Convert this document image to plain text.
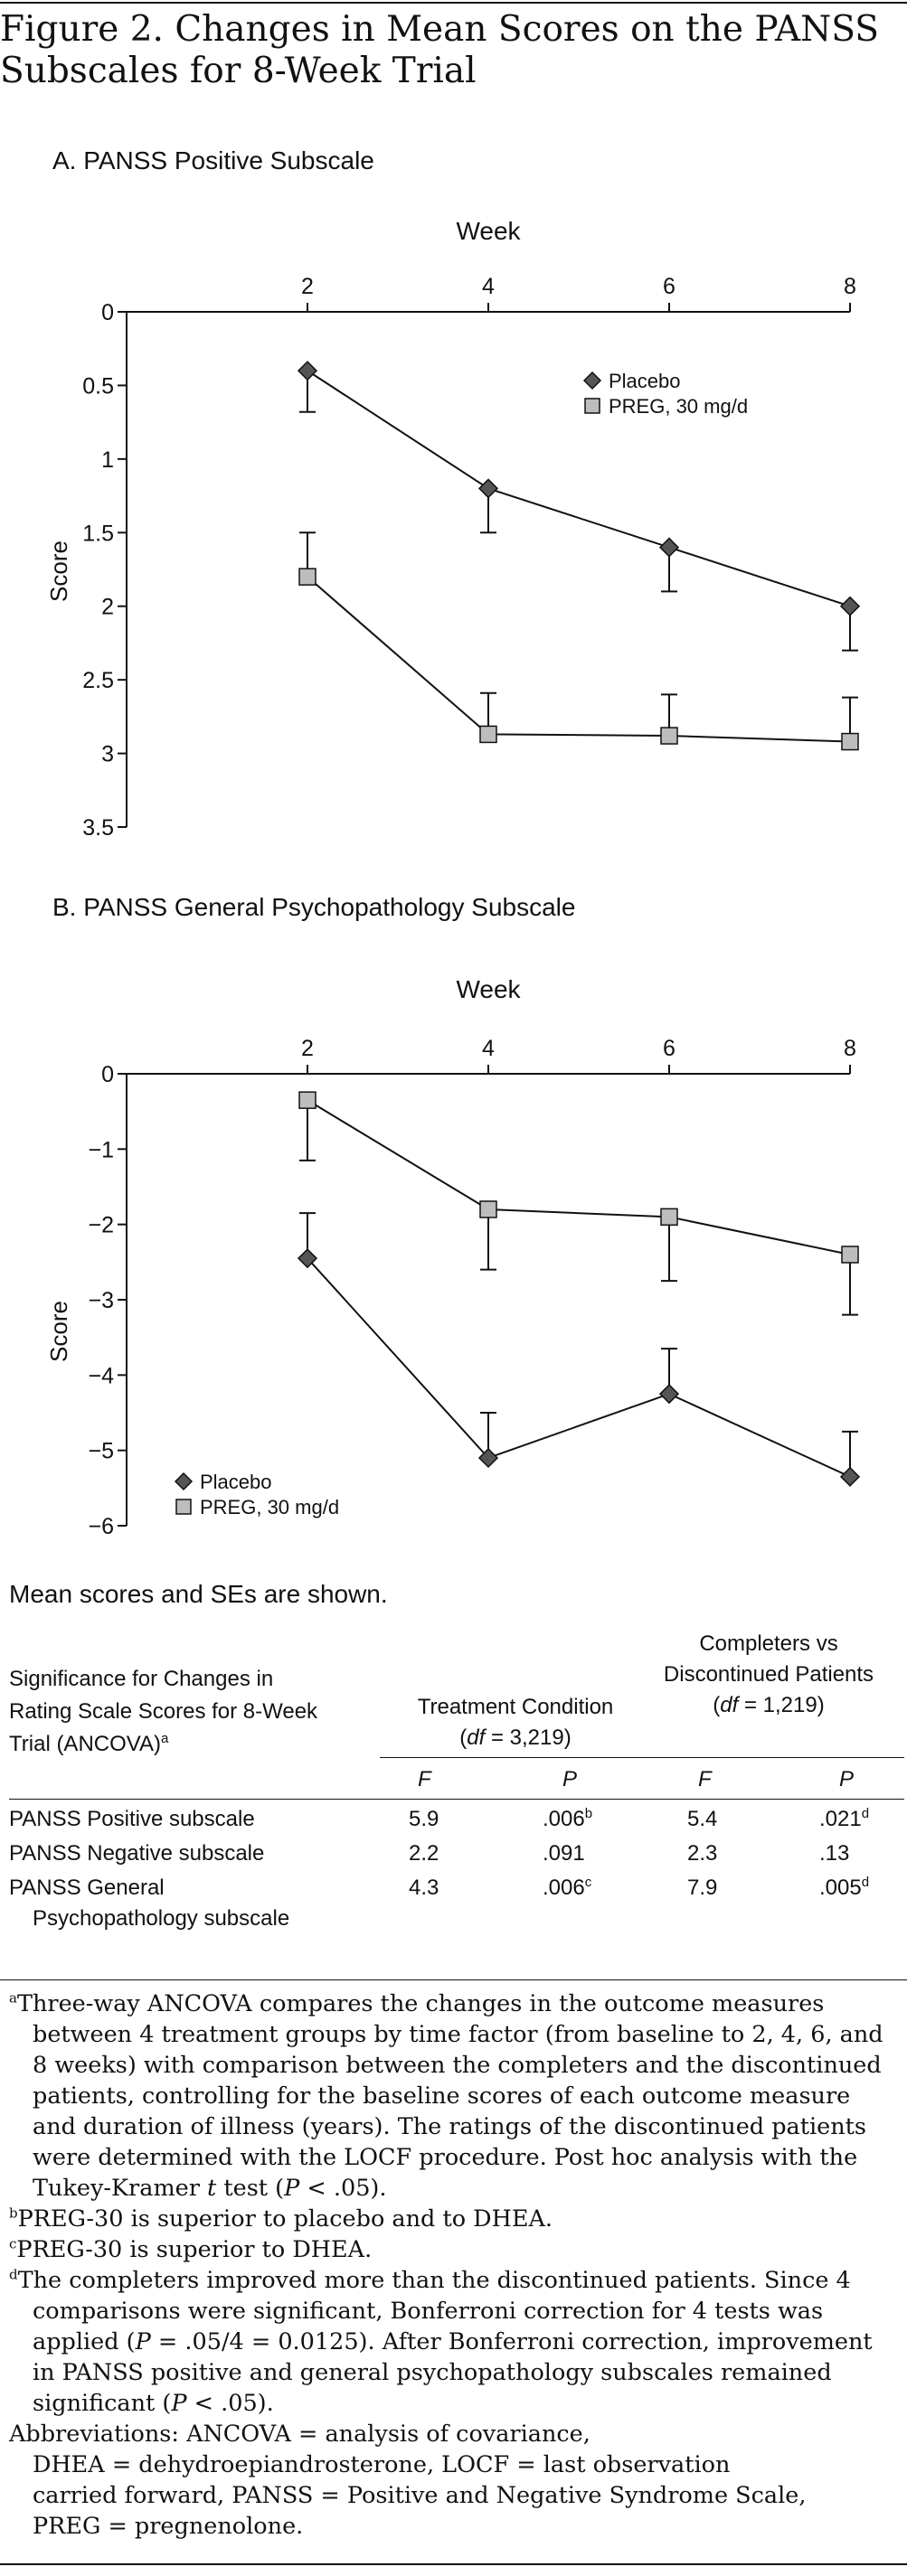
Figure 2. Changes in Mean Scores on the PANSS Subscales for 8-Week Trial
A. PANSS Positive Subscale
Week
Score
0
0.5
1
1.5
2
2.5
3
3.5
2	4	6	8
Placebo
PREG, 30 mg/d
B. PANSS General Psychopathology Subscale
Week
Score
0
−1
−2
−3
−4
−5
−6
2	4	6	8
Placebo
PREG, 30 mg/d
Mean scores and SEs are shown.
Significance for Changes in
Rating Scale Scores for 8-Week
Trial (ANCOVA)$^a$
Treatment Condition
(df = 3,219)
Completers vs
Discontinued Patients
(df = 1,219)
F	P	F	P
PANSS Positive subscale	5.9	.006$^b$	5.4	.021$^d$
PANSS Negative subscale	2.2	.091	2.3	.13
PANSS General
Psychopathology subscale
4.3	.006$^c$	7.9	.005$^d$

$^a$Three-way ANCOVA compares the changes in the outcome measures between 4 treatment groups by time factor (from baseline to 2, 4, 6, and 8 weeks) with comparison between the completers and the discontinued patients, controlling for the baseline scores of each outcome measure and duration of illness (years). The ratings of the discontinued patients were determined with the LOCF procedure. Post hoc analysis with the Tukey-Kramer t test (P < .05).

$^b$PREG-30 is superior to placebo and to DHEA.

$^c$PREG-30 is superior to DHEA.

$^d$The completers improved more than the discontinued patients. Since 4 comparisons were significant, Bonferroni correction for 4 tests was applied (P = .05/4 = 0.0125). After Bonferroni correction, improvement in PANSS positive and general psychopathology subscales remained significant (P < .05).

Abbreviations: ANCOVA = analysis of covariance,
DHEA = dehydroepiandrosterone, LOCF = last observation
carried forward, PANSS = Positive and Negative Syndrome Scale,
PREG = pregnenolone.
